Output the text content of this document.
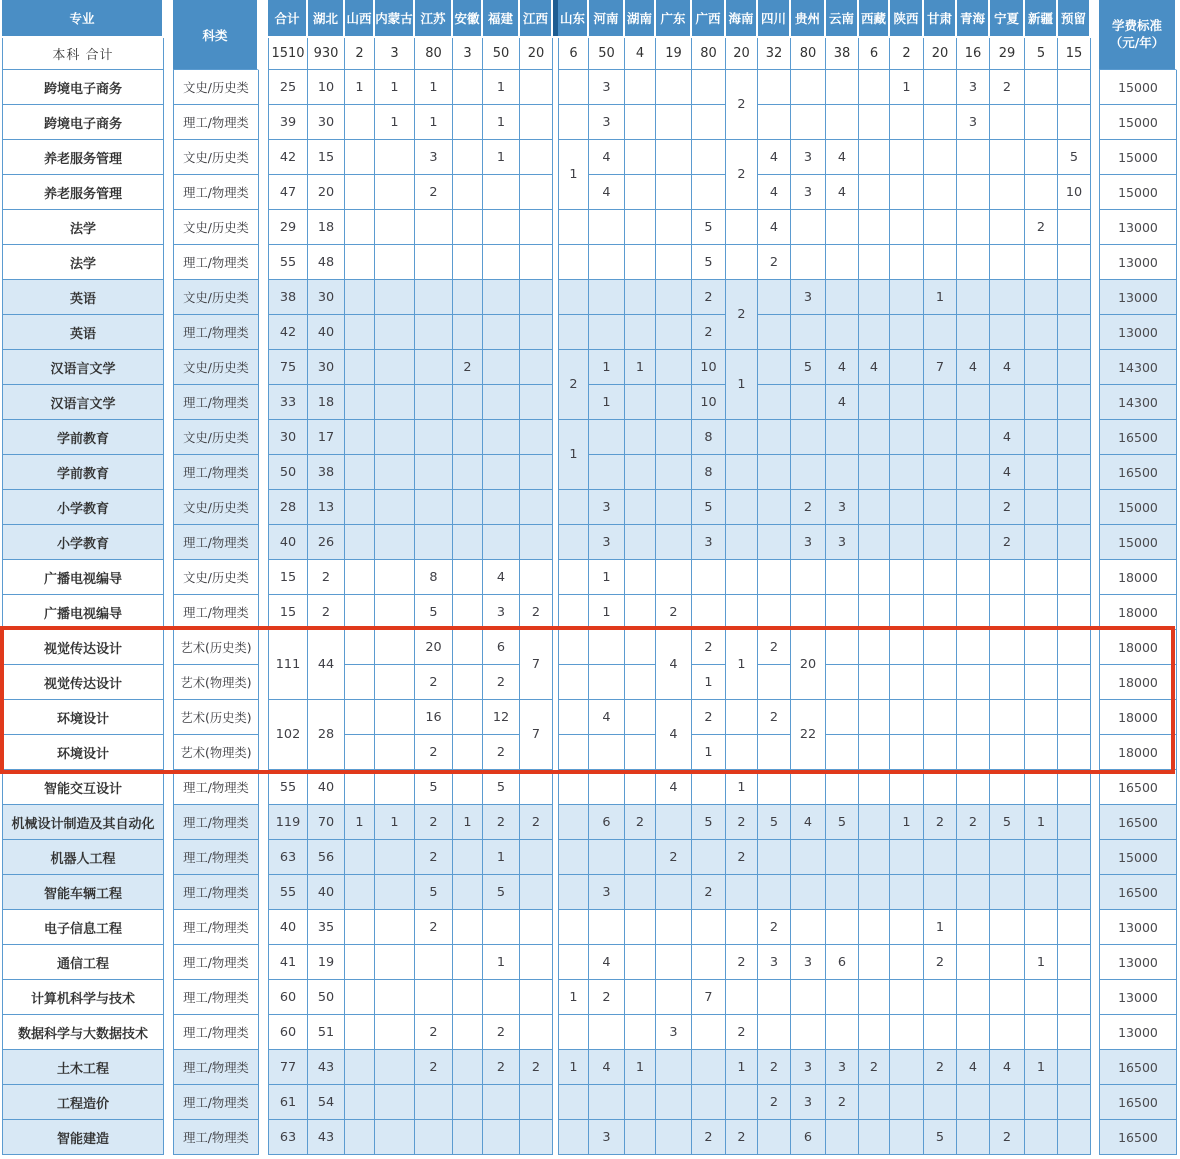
专业		科类		合计	湖北	山西	内蒙古	江苏	安徽	福建	江西		山东	河南	湖南	广东	广西	海南	四川	贵州	云南	西藏	陕西	甘肃	青海	宁夏	新疆	预留		学费标准
（元/年）
本科 合计				1510	930	2	3	80	3	50	20		6	50	4	19	80	20	32	80	38	6	2	20	16	29	5	15		
跨境电子商务		文史/历史类		25	10	1	1	1		1				3				2					1		3	2				15000
跨境电子商务		理工/物理类		39	30		1	1		1				3											3					15000
养老服务管理		文史/历史类		42	15			3		1			1	4				2	4	3	4							5		15000
养老服务管理		理工/物理类		47	20			2						4					4	3	4							10		15000
法学		文史/历史类		29	18												5		4								2			13000
法学		理工/物理类		55	48												5		2											13000
英语		文史/历史类		38	30												2	2		3				1						13000
英语		理工/物理类		42	40												2													13000
汉语言文学		文史/历史类		75	30				2				2	1	1		10	1		5	4	4		7	4	4				14300
汉语言文学		理工/物理类		33	18									1			10				4									14300
学前教育		文史/历史类		30	17								1				8									4				16500
学前教育		理工/物理类		50	38												8									4				16500
小学教育		文史/历史类		28	13									3			5			2	3					2				15000
小学教育		理工/物理类		40	26									3			3			3	3					2				15000
广播电视编导		文史/历史类		15	2			8		4				1																18000
广播电视编导		理工/物理类		15	2			5		3	2			1		2														18000
视觉传达设计		艺术(历史类)		111	44			20		6	7					4	2	1	2	20										18000
视觉传达设计		艺术(物理类)						2		2							1													18000
环境设计		艺术(历史类)		102	28			16		12	7			4		4	2		2	22										18000
环境设计		艺术(物理类)						2		2							1													18000
智能交互设计		理工/物理类		55	40			5		5						4		1												16500
机械设计制造及其自动化		理工/物理类		119	70	1	1	2	1	2	2			6	2		5	2	5	4	5		1	2	2	5	1			16500
机器人工程		理工/物理类		63	56			2		1						2		2												15000
智能车辆工程		理工/物理类		55	40			5		5				3			2													16500
电子信息工程		理工/物理类		40	35			2											2					1						13000
通信工程		理工/物理类		41	19					1				4				2	3	3	6			2			1			13000
计算机科学与技术		理工/物理类		60	50								1	2			7													13000
数据科学与大数据技术		理工/物理类		60	51			2		2						3		2												13000
土木工程		理工/物理类		77	43			2		2	2		1	4	1			1	2	3	3	2		2	4	4	1			16500
工程造价		理工/物理类		61	54														2	3	2									16500
智能建造		理工/物理类		63	43									3			2	2		6				5		2				16500
